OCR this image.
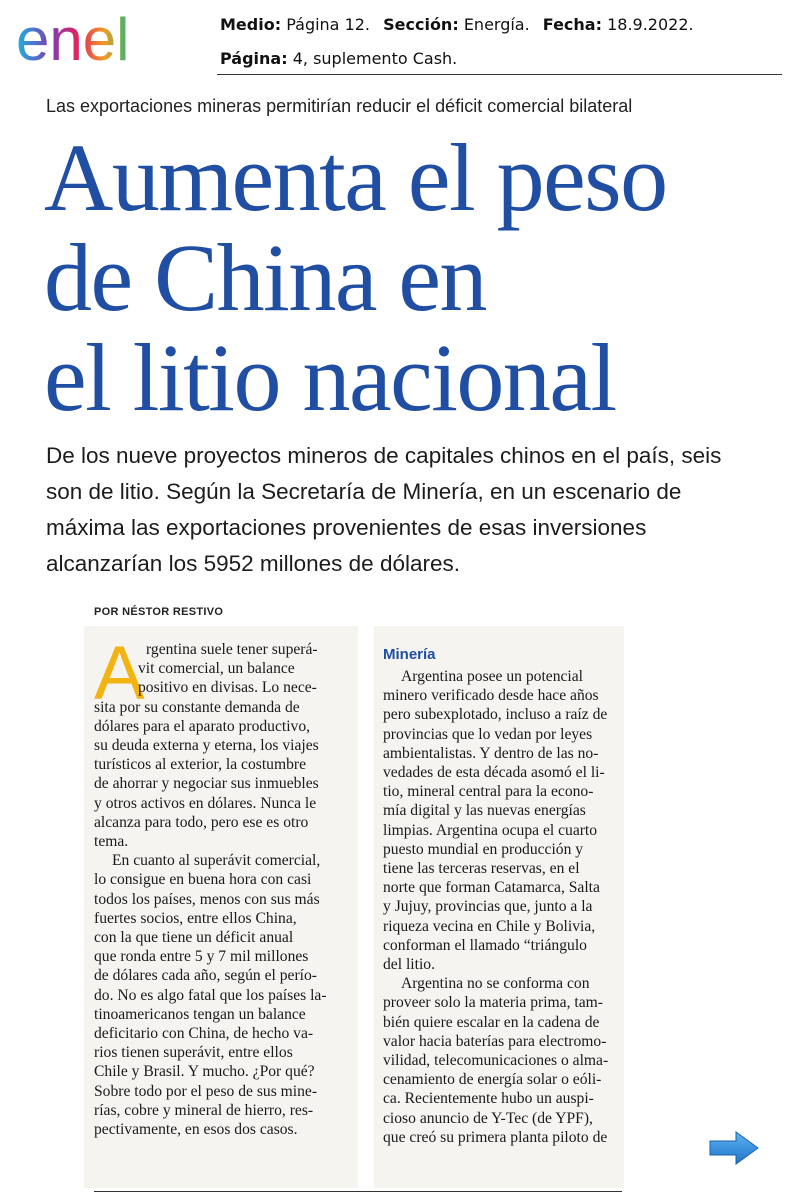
enel	Medio: Página 12. Sección: Energía. Fecha: 18.9.2022.
Página: 4, suplemento Cash.
Las exportaciones mineras permitirían reducir el déficit comercial bilateral
Aumenta el peso
de China en
el litio nacional
De los nueve proyectos mineros de capitales chinos en el país, seis son de litio. Según la Secretaría de Minería, en un escenario de máxima las exportaciones provenientes de esas inversiones alcanzarían los 5952 millones de dólares.
POR NÉSTOR RESTIVO
A rgentina suele tener superá-
vit comercial, un balance
positivo en divisas. Lo nece-
sita por su constante demanda de
dólares para el aparato productivo,
su deuda externa y eterna, los viajes
turísticos al exterior, la costumbre
de ahorrar y negociar sus inmuebles
y otros activos en dólares. Nunca le
alcanza para todo, pero ese es otro
tema.
En cuanto al superávit comercial,
lo consigue en buena hora con casi
todos los países, menos con sus más
fuertes socios, entre ellos China,
con la que tiene un déficit anual
que ronda entre 5 y 7 mil millones
de dólares cada año, según el perío-
do. No es algo fatal que los países la-
tinoamericanos tengan un balance
deficitario con China, de hecho va-
rios tienen superávit, entre ellos
Chile y Brasil. Y mucho. ¿Por qué?
Sobre todo por el peso de sus mine-
rías, cobre y mineral de hierro, res-
pectivamente, en esos dos casos.
Minería
Argentina posee un potencial
minero verificado desde hace años
pero subexplotado, incluso a raíz de
provincias que lo vedan por leyes
ambientalistas. Y dentro de las no-
vedades de esta década asomó el li-
tio, mineral central para la econo-
mía digital y las nuevas energías
limpias. Argentina ocupa el cuarto
puesto mundial en producción y
tiene las terceras reservas, en el
norte que forman Catamarca, Salta
y Jujuy, provincias que, junto a la
riqueza vecina en Chile y Bolivia,
conforman el llamado “triángulo
del litio.
Argentina no se conforma con
proveer solo la materia prima, tam-
bién quiere escalar en la cadena de
valor hacia baterías para electromo-
vilidad, telecomunicaciones o alma-
cenamiento de energía solar o eóli-
ca. Recientemente hubo un auspi-
cioso anuncio de Y-Tec (de YPF),
que creó su primera planta piloto de
